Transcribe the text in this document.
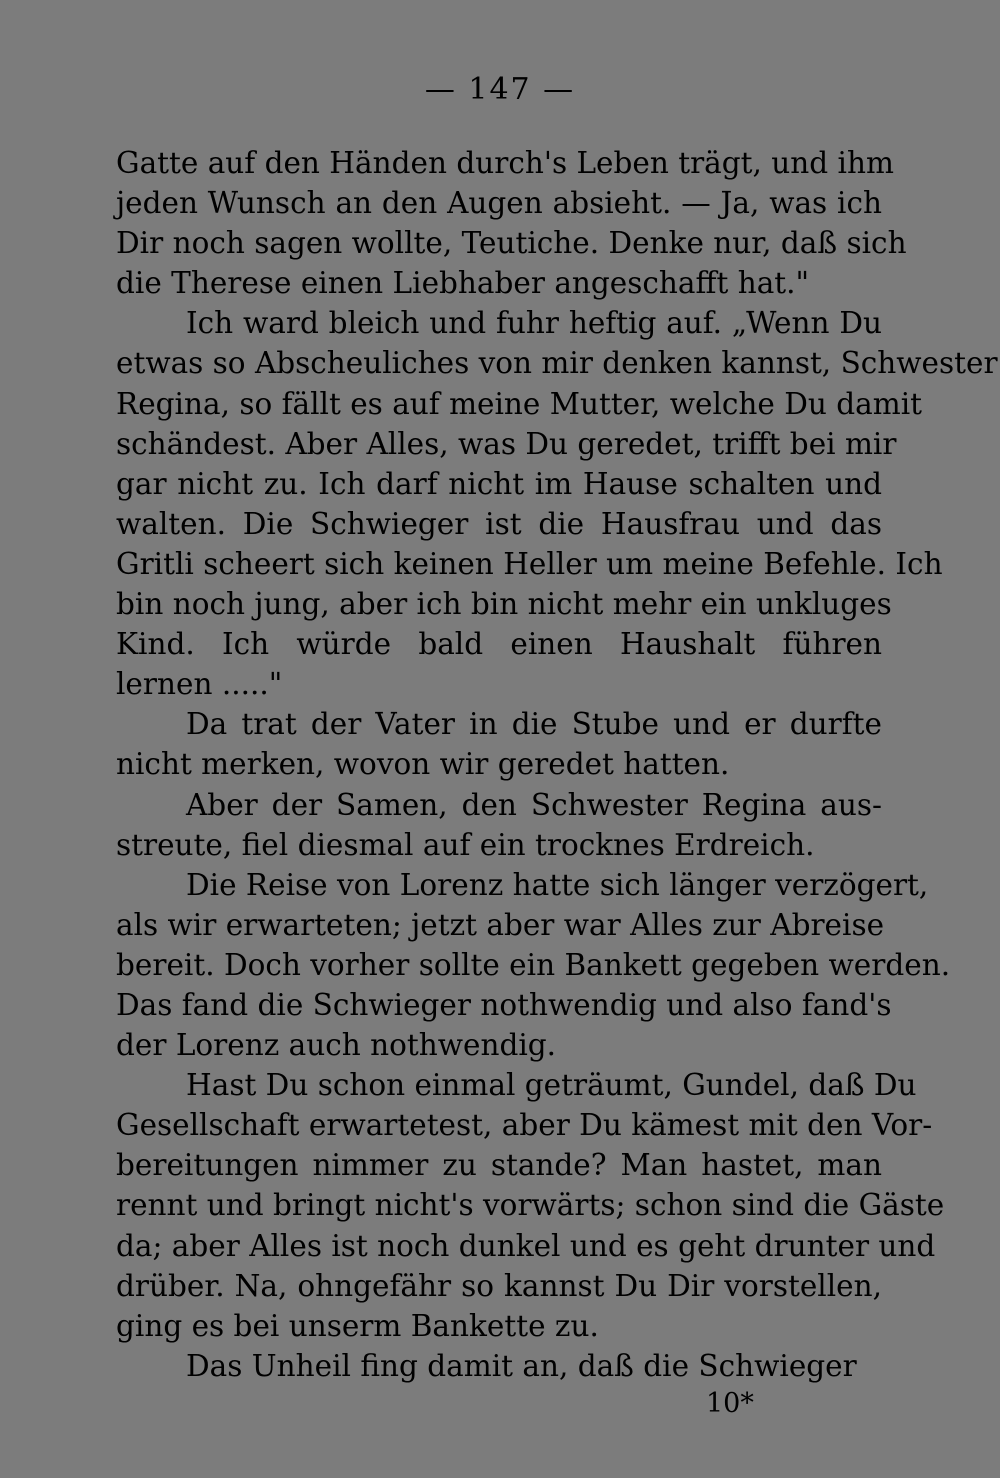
— 147 —

Gatte auf den Händen durch's Leben trägt, und ihm
jeden Wunsch an den Augen absieht. — Ja, was ich
Dir noch sagen wollte, Teutiche. Denke nur, daß sich
die Therese einen Liebhaber angeschafft hat."

Ich ward bleich und fuhr heftig auf. „Wenn Du
etwas so Abscheuliches von mir denken kannst, Schwester
Regina, so fällt es auf meine Mutter, welche Du damit
schändest. Aber Alles, was Du geredet, trifft bei mir
gar nicht zu. Ich darf nicht im Hause schalten und
walten. Die Schwieger ist die Hausfrau und das
Gritli scheert sich keinen Heller um meine Befehle. Ich
bin noch jung, aber ich bin nicht mehr ein unkluges
Kind. Ich würde bald einen Haushalt führen
lernen ....."

Da trat der Vater in die Stube und er durfte
nicht merken, wovon wir geredet hatten.

Aber der Samen, den Schwester Regina aus-
streute, fiel diesmal auf ein trocknes Erdreich.

Die Reise von Lorenz hatte sich länger verzögert,
als wir erwarteten; jetzt aber war Alles zur Abreise
bereit. Doch vorher sollte ein Bankett gegeben werden.
Das fand die Schwieger nothwendig und also fand's
der Lorenz auch nothwendig.

Hast Du schon einmal geträumt, Gundel, daß Du
Gesellschaft erwartetest, aber Du kämest mit den Vor-
bereitungen nimmer zu stande? Man hastet, man
rennt und bringt nicht's vorwärts; schon sind die Gäste
da; aber Alles ist noch dunkel und es geht drunter und
drüber. Na, ohngefähr so kannst Du Dir vorstellen,
ging es bei unserm Bankette zu.

Das Unheil fing damit an, daß die Schwieger

10*
